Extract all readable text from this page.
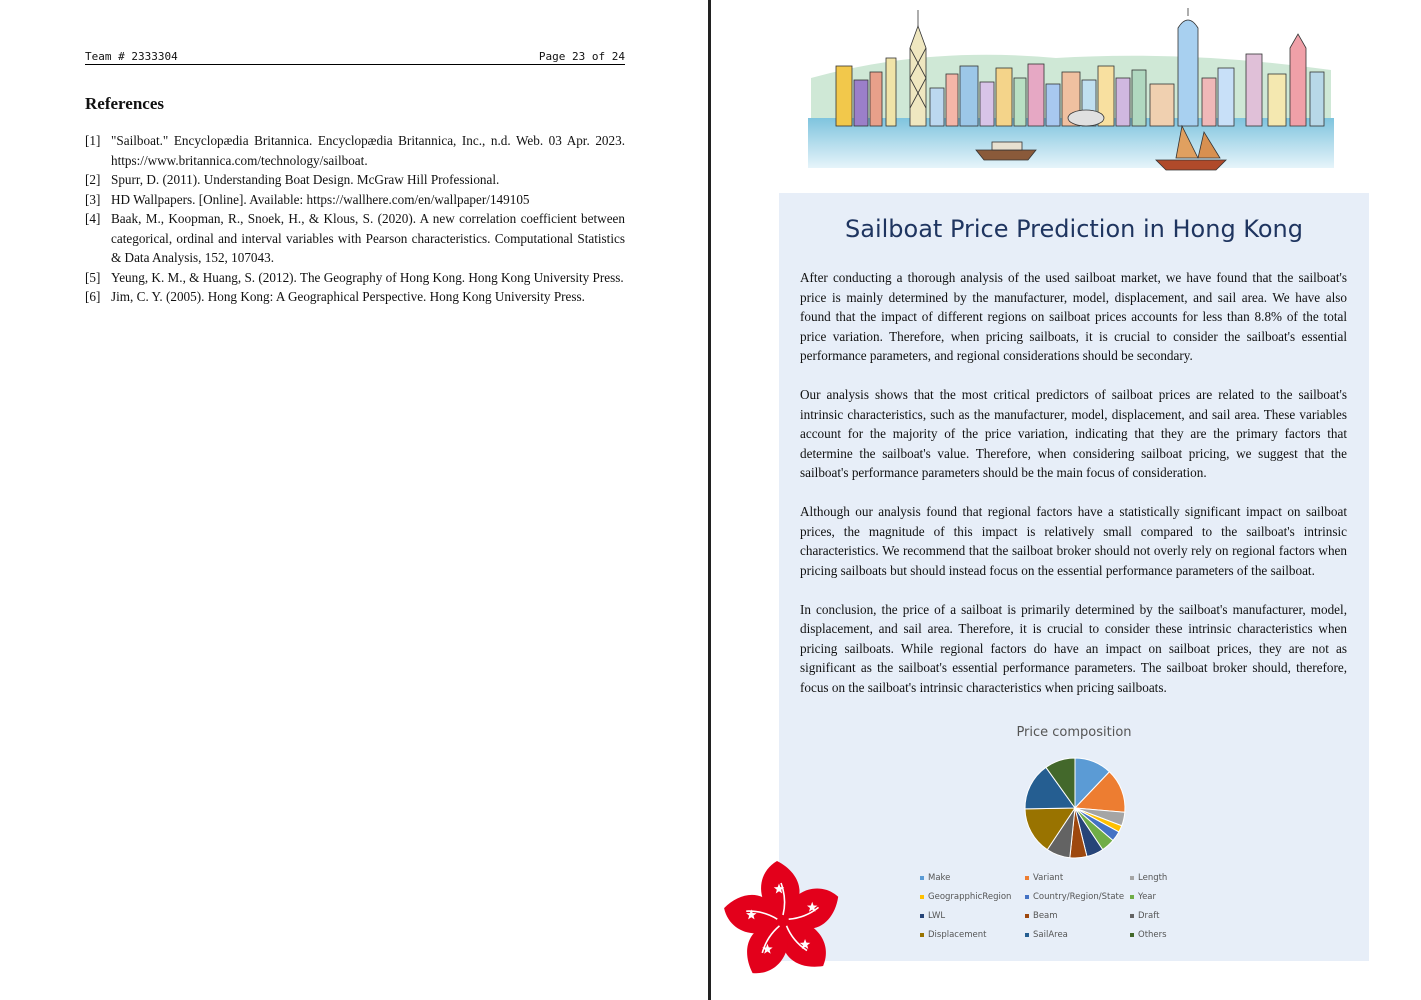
Team # 2333304	Page 23 of 24
References
[1] "Sailboat." Encyclopædia Britannica. Encyclopædia Britannica, Inc., n.d. Web. 03 Apr. 2023. https://www.britannica.com/technology/sailboat.
[2] Spurr, D. (2011). Understanding Boat Design. McGraw Hill Professional.
[3] HD Wallpapers. [Online]. Available: https://wallhere.com/en/wallpaper/149105
[4] Baak, M., Koopman, R., Snoek, H., & Klous, S. (2020). A new correlation coefficient between categorical, ordinal and interval variables with Pearson characteristics. Computational Statistics & Data Analysis, 152, 107043.
[5] Yeung, K. M., & Huang, S. (2012). The Geography of Hong Kong. Hong Kong University Press.
[6] Jim, C. Y. (2005). Hong Kong: A Geographical Perspective. Hong Kong University Press.
Sailboat Price Prediction in Hong Kong

After conducting a thorough analysis of the used sailboat market, we have found that the sailboat's price is mainly determined by the manufacturer, model, displacement, and sail area. We have also found that the impact of different regions on sailboat prices accounts for less than 8.8% of the total price variation. Therefore, when pricing sailboats, it is crucial to consider the sailboat's essential performance parameters, and regional considerations should be secondary.

Our analysis shows that the most critical predictors of sailboat prices are related to the sailboat's intrinsic characteristics, such as the manufacturer, model, displacement, and sail area. These variables account for the majority of the price variation, indicating that they are the primary factors that determine the sailboat's value. Therefore, when considering sailboat pricing, we suggest that the sailboat's performance parameters should be the main focus of consideration.

Although our analysis found that regional factors have a statistically significant impact on sailboat prices, the magnitude of this impact is relatively small compared to the sailboat's intrinsic characteristics. We recommend that the sailboat broker should not overly rely on regional factors when pricing sailboats but should instead focus on the essential performance parameters of the sailboat.

In conclusion, the price of a sailboat is primarily determined by the sailboat's manufacturer, model, displacement, and sail area. Therefore, it is crucial to consider these intrinsic characteristics when pricing sailboats. While regional factors do have an impact on sailboat prices, they are not as significant as the sailboat's essential performance parameters. The sailboat broker should, therefore, focus on the sailboat's intrinsic characteristics when pricing sailboats.

Price composition
Make	Variant	Length
GeograpphicRegion	Country/Region/State	Year
LWL	Beam	Draft
Displacement	SailArea	Others
